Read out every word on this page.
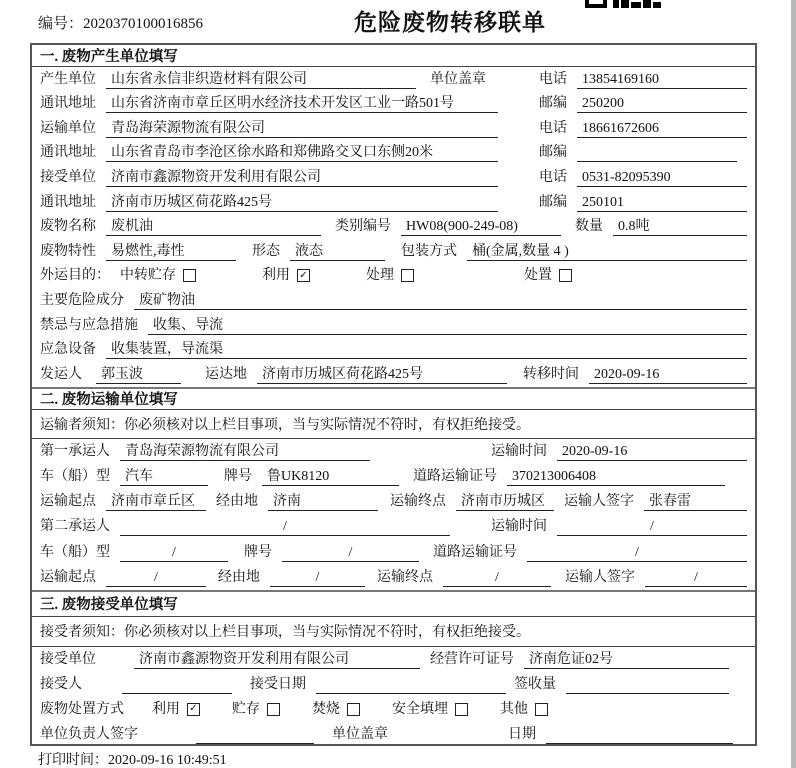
编号：2020370100016856	危险废物转移联单
一. 废物产生单位填写
产生单位	山东省永信非织造材料有限公司	单位盖章	电话	13854169160
通讯地址	山东省济南市章丘区明水经济技术开发区工业一路501号	邮编	250200
运输单位	青岛海荣源物流有限公司	电话	18661672606
通讯地址	山东省青岛市李沧区徐水路和郑佛路交叉口东侧20米	邮编
接受单位	济南市鑫源物资开发利用有限公司	电话	0531-82095390
通讯地址	济南市历城区荷花路425号	邮编	250101
废物名称	废机油	类别编号	HW08(900-249-08)	数量	0.8吨
废物特性	易燃性,毒性	形态	液态	包装方式	桶(金属,数量 4 )
外运目的： 中转贮存	利用 ✓	处理	处置
主要危险成分	废矿物油
禁忌与应急措施	收集、导流
应急设备	收集装置，导流渠
发运人	郭玉波	运达地	济南市历城区荷花路425号	转移时间	2020-09-16
二. 废物运输单位填写
运输者须知：你必须核对以上栏目事项，当与实际情况不符时，有权拒绝接受。
第一承运人	青岛海荣源物流有限公司	运输时间	2020-09-16
车（船）型	汽车	牌号	鲁UK8120	道路运输证号	370213006408
运输起点	济南市章丘区	经由地	济南	运输终点	济南市历城区	运输人签字	张春雷
第二承运人	/	运输时间	/
车（船）型	/	牌号	/	道路运输证号	/
运输起点	/	经由地	/	运输终点	/	运输人签字	/
三. 废物接受单位填写
接受者须知：你必须核对以上栏目事项，当与实际情况不符时，有权拒绝接受。
接受单位	济南市鑫源物资开发利用有限公司	经营许可证号	济南危证02号
接受人	接受日期	签收量
废物处置方式 利用 ✓ 贮存	焚烧	安全填埋	其他
单位负责人签字	单位盖章	日期
打印时间：2020-09-16 10:49:51
